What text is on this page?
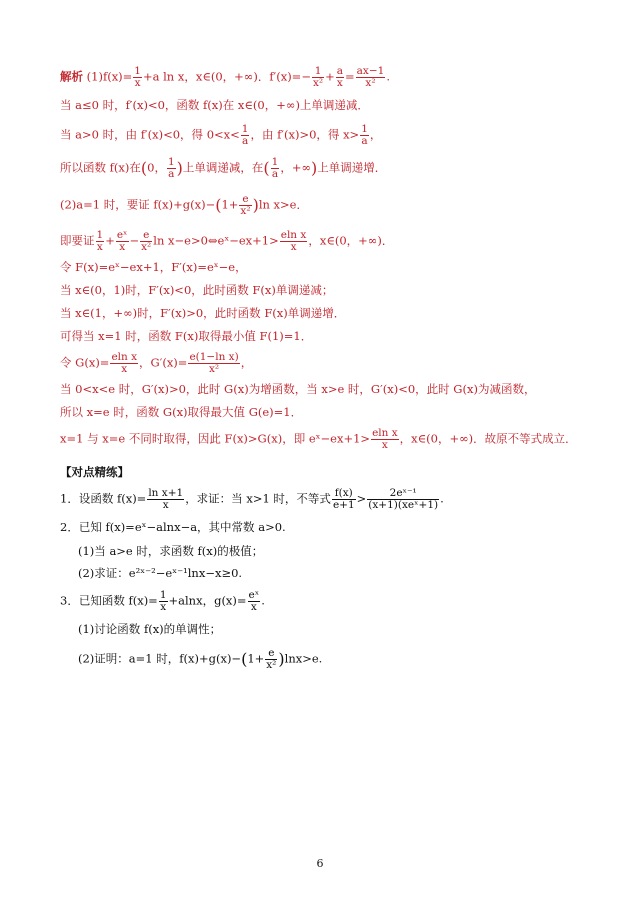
解析 $(1)f(x)= \frac{1}{x} +a$ ln x，x∈(0，+∞)．$f'(x)=- \frac{1}{\text{x²}} + \frac{a}{x} = \frac{ax-1}{\text{x²}}$ .
当 a≤0 时，f′(x)<0，函数 f(x)在 x∈(0，+∞)上单调递减．
当 a>0 时，由 f′(x)<0，得 $0<x< \frac{1}{a}$ ，由 f′(x)>0，得 $x> \frac{1}{a}$ ，
所以函数 f(x)在(0， $\frac{1}{a}$ )上单调递减，在( $\frac{1}{a}$ ，+∞)上单调递增．
(2)a=1 时，要证 $f(x)+g(x)-(1+ \frac{e}{\text{x²}} )\ln$ x>e．
即要证 $\frac{1}{x} + \frac{\text{eˣ}}{x} - \frac{e}{\text{x²}}$ ln x−e>0⇔eˣ−ex+1> $\frac{\text{eln x}}{x}$ ，x∈(0，+∞)．
令 F(x)=eˣ−ex+1，F′(x)=eˣ−e，
当 x∈(0，1)时，F′(x)<0，此时函数 F(x)单调递减；
当 x∈(1，+∞)时，F′(x)>0，此时函数 F(x)单调递增．
可得当 x=1 时，函数 F(x)取得最小值 F(1)=1．
令 $G(x)= \frac{\text{eln x}}{x}$ ，$G'(x)= \frac{\text{e(1−ln x)}}{\text{x²}}$ ，
当 0<x<e 时，G′(x)>0，此时 G(x)为增函数，当 x>e 时，G′(x)<0，此时 G(x)为减函数，
所以 x=e 时，函数 G(x)取得最大值 G(e)=1．
x=1 与 x=e 不同时取得，因此 F(x)>G(x)，即 eˣ−ex+1> $\frac{\text{eln x}}{x}$ ，x∈(0，+∞)．故原不等式成立．
【对点精练】
1．设函数 $f(x)= \frac{\text{ln x+1}}{x}$ ，求证：当 x>1 时，不等式 $\frac{f(x)}{e+1} > \frac{\text{2eˣ⁻¹}}{\text{(x+1)(xeˣ+1)}}$ .
2．已知 f(x)=eˣ−alnx−a，其中常数 a>0.
(1)当 a>e 时，求函数 f(x)的极值；
(2)求证：e²ˣ⁻²−eˣ⁻¹lnx−x≥0.
3．已知函数 $f(x)= \frac{1}{x} +alnx$，$g(x)= \frac{\text{eˣ}}{x}$ .
(1)讨论函数 f(x)的单调性；
(2)证明：a=1 时，$f(x)+g(x)-(1+ \frac{e}{\text{x²}} )\ln x>e$.
6
